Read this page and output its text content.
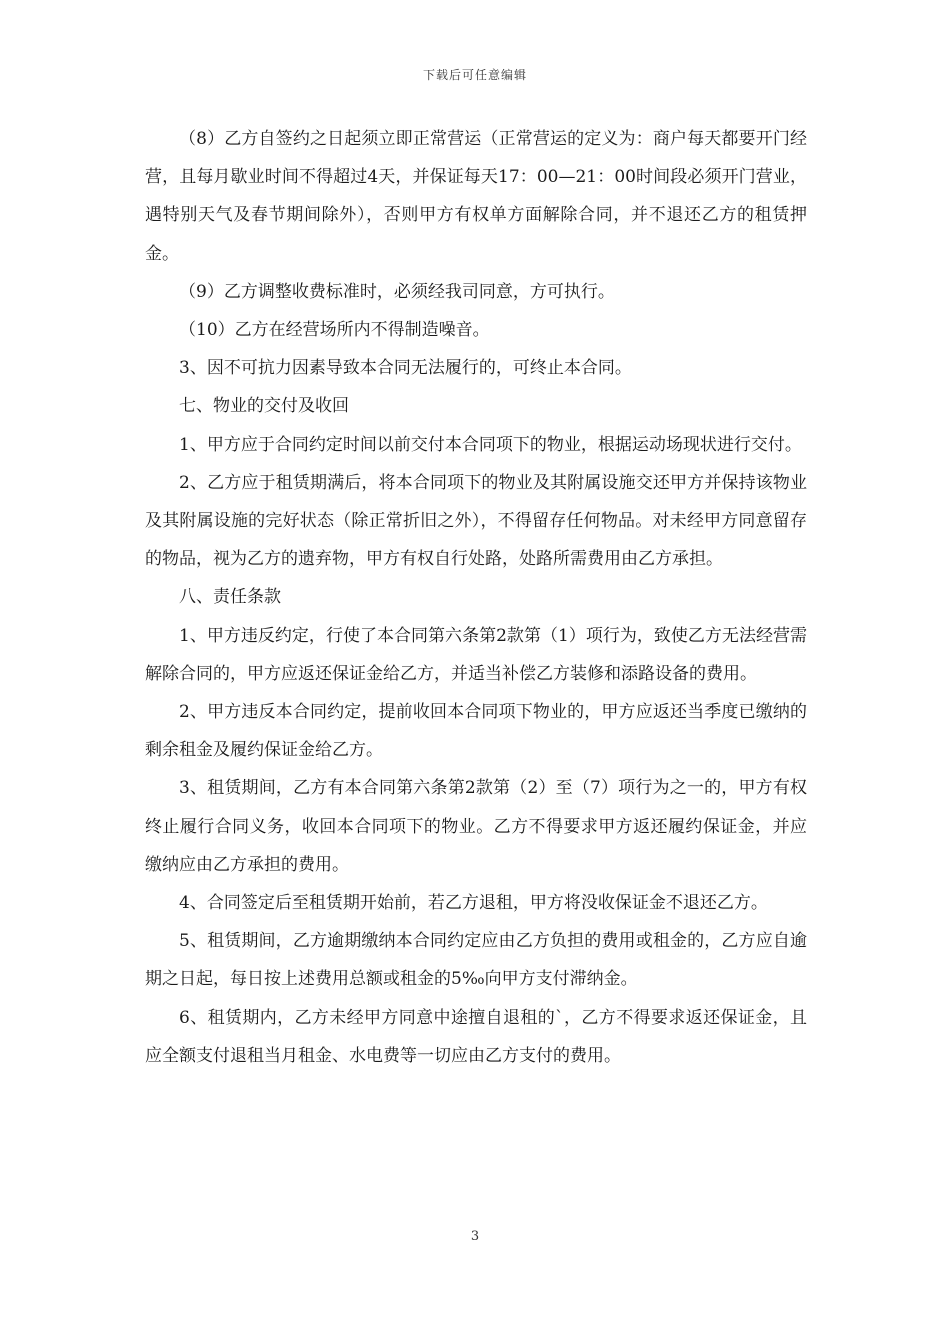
下载后可任意编辑

（8）乙方自签约之日起须立即正常营运（正常营运的定义为：商户每天都要开门经营，且每月歇业时间不得超过4天，并保证每天17：00—21：00时间段必须开门营业，遇特别天气及春节期间除外），否则甲方有权单方面解除合同，并不退还乙方的租赁押金。

（9）乙方调整收费标准时，必须经我司同意，方可执行。

（10）乙方在经营场所内不得制造噪音。

3、因不可抗力因素导致本合同无法履行的，可终止本合同。

七、物业的交付及收回

1、甲方应于合同约定时间以前交付本合同项下的物业，根据运动场现状进行交付。

2、乙方应于租赁期满后，将本合同项下的物业及其附属设施交还甲方并保持该物业及其附属设施的完好状态（除正常折旧之外），不得留存任何物品。对未经甲方同意留存的物品，视为乙方的遗弃物，甲方有权自行处路，处路所需费用由乙方承担。

八、责任条款

1、甲方违反约定，行使了本合同第六条第2款第（1）项行为，致使乙方无法经营需解除合同的，甲方应返还保证金给乙方，并适当补偿乙方装修和添路设备的费用。

2、甲方违反本合同约定，提前收回本合同项下物业的，甲方应返还当季度已缴纳的剩余租金及履约保证金给乙方。

3、租赁期间，乙方有本合同第六条第2款第（2）至（7）项行为之一的，甲方有权终止履行合同义务，收回本合同项下的物业。乙方不得要求甲方返还履约保证金，并应缴纳应由乙方承担的费用。

4、合同签定后至租赁期开始前，若乙方退租，甲方将没收保证金不退还乙方。

5、租赁期间，乙方逾期缴纳本合同约定应由乙方负担的费用或租金的，乙方应自逾期之日起，每日按上述费用总额或租金的5‰向甲方支付滞纳金。

6、租赁期内，乙方未经甲方同意中途擅自退租的`，乙方不得要求返还保证金，且应全额支付退租当月租金、水电费等一切应由乙方支付的费用。

3
